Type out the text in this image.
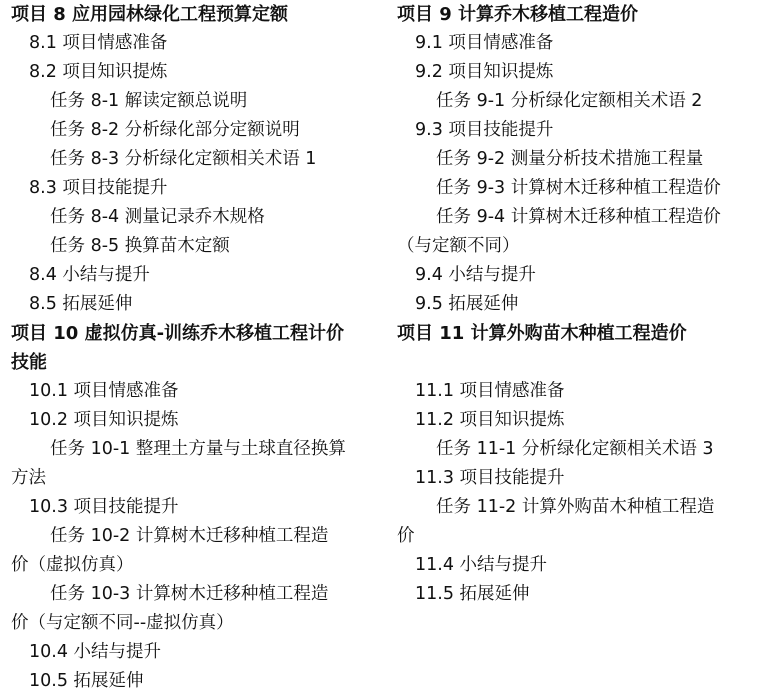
项目 8 应用园林绿化工程预算定额
8.1 项目情感准备
8.2 项目知识提炼
任务 8-1 解读定额总说明
任务 8-2 分析绿化部分定额说明
任务 8-3 分析绿化定额相关术语 1
8.3 项目技能提升
任务 8-4 测量记录乔木规格
任务 8-5 换算苗木定额
8.4 小结与提升
8.5 拓展延伸
项目 10 虚拟仿真-训练乔木移植工程计价
技能
10.1 项目情感准备
10.2 项目知识提炼
任务 10-1 整理土方量与土球直径换算
方法
10.3 项目技能提升
任务 10-2 计算树木迁移种植工程造
价（虚拟仿真）
任务 10-3 计算树木迁移种植工程造
价（与定额不同--虚拟仿真）
10.4 小结与提升
10.5 拓展延伸
项目 9 计算乔木移植工程造价
9.1 项目情感准备
9.2 项目知识提炼
任务 9-1 分析绿化定额相关术语 2
9.3 项目技能提升
任务 9-2 测量分析技术措施工程量
任务 9-3 计算树木迁移种植工程造价
任务 9-4 计算树木迁移种植工程造价
（与定额不同）
9.4 小结与提升
9.5 拓展延伸
项目 11 计算外购苗木种植工程造价
11.1 项目情感准备
11.2 项目知识提炼
任务 11-1 分析绿化定额相关术语 3
11.3 项目技能提升
任务 11-2 计算外购苗木种植工程造
价
11.4 小结与提升
11.5 拓展延伸
